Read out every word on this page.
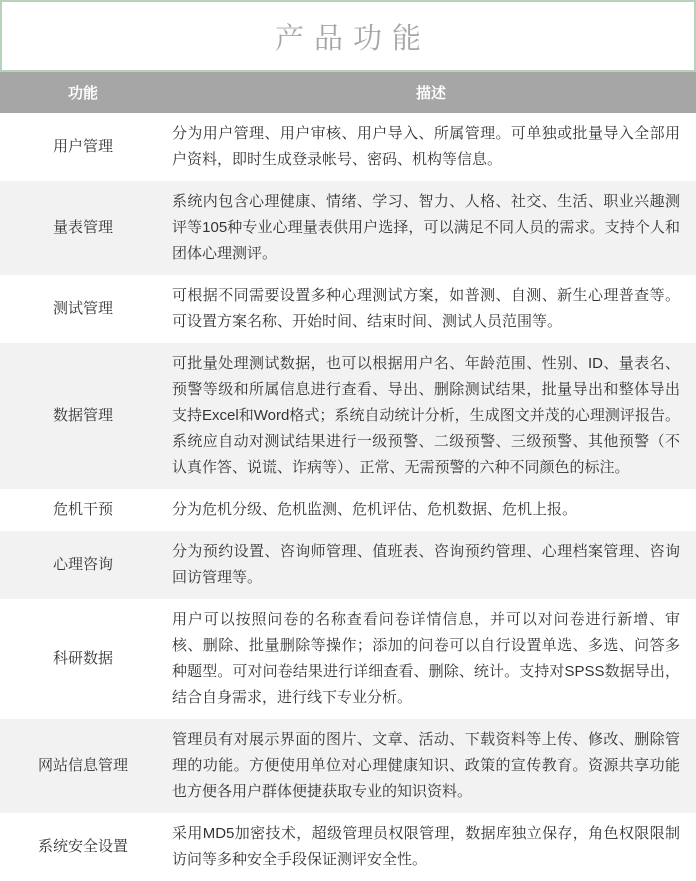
产品功能
功能	描述
用户管理
分为用户管理、用户审核、用户导入、所属管理。可单独或批量导入全部用户资料，即时生成登录帐号、密码、机构等信息。
量表管理
系统内包含心理健康、情绪、学习、智力、人格、社交、生活、职业兴趣测评等105种专业心理量表供用户选择，可以满足不同人员的需求。支持个人和团体心理测评。
测试管理
可根据不同需要设置多种心理测试方案，如普测、自测、新生心理普查等。可设置方案名称、开始时间、结束时间、测试人员范围等。
数据管理
可批量处理测试数据，也可以根据用户名、年龄范围、性别、ID、量表名、预警等级和所属信息进行查看、导出、删除测试结果，批量导出和整体导出支持Excel和Word格式；系统自动统计分析，生成图文并茂的心理测评报告。系统应自动对测试结果进行一级预警、二级预警、三级预警、其他预警（不认真作答、说谎、诈病等）、正常、无需预警的六种不同颜色的标注。
危机干预	分为危机分级、危机监测、危机评估、危机数据、危机上报。
心理咨询
分为预约设置、咨询师管理、值班表、咨询预约管理、心理档案管理、咨询回访管理等。
科研数据
用户可以按照问卷的名称查看问卷详情信息，并可以对问卷进行新增、审核、删除、批量删除等操作；添加的问卷可以自行设置单选、多选、问答多种题型。可对问卷结果进行详细查看、删除、统计。支持对SPSS数据导出，结合自身需求，进行线下专业分析。
网站信息管理
管理员有对展示界面的图片、文章、活动、下载资料等上传、修改、删除管理的功能。方便使用单位对心理健康知识、政策的宣传教育。资源共享功能也方便各用户群体便捷获取专业的知识资料。
系统安全设置
采用MD5加密技术，超级管理员权限管理，数据库独立保存，角色权限限制访问等多种安全手段保证测评安全性。
